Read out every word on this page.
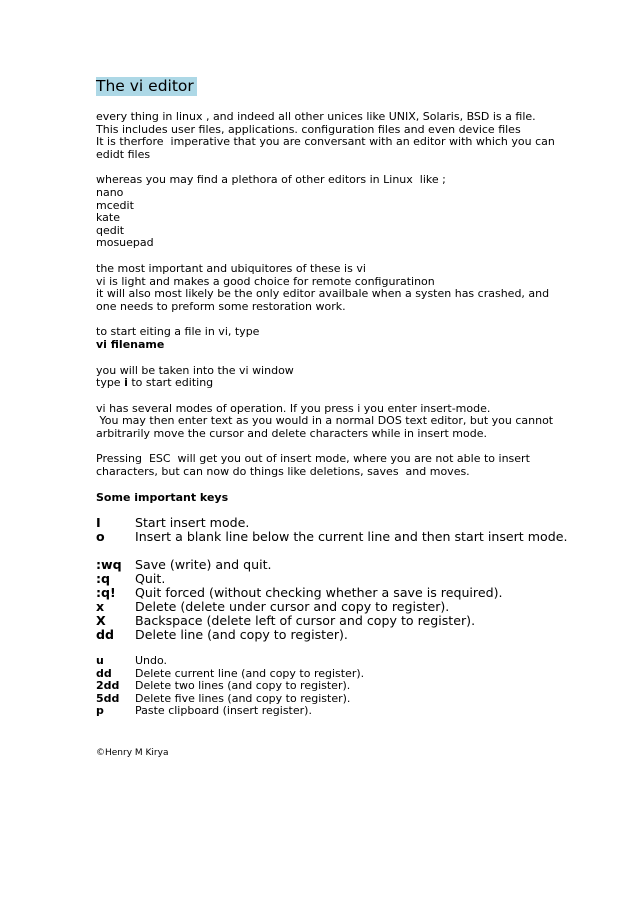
The vi editor
every thing in linux , and indeed all other unices like UNIX, Solaris, BSD is a file.
This includes user files, applications. configuration files and even device files
It is therfore  imperative that you are conversant with an editor with which you can
edidt files
whereas you may find a plethora of other editors in Linux  like ;
nano
mcedit
kate
qedit
mosuepad
the most important and ubiquitores of these is vi
vi is light and makes a good choice for remote configuratinon
it will also most likely be the only editor availbale when a systen has crashed, and
one needs to preform some restoration work.
to start eiting a file in vi, type
vi filename
you will be taken into the vi window
type i to start editing
vi has several modes of operation. If you press i you enter insert-mode.
You may then enter text as you would in a normal DOS text editor, but you cannot
arbitrarily move the cursor and delete characters while in insert mode.
Pressing  ESC  will get you out of insert mode, where you are not able to insert
characters, but can now do things like deletions, saves  and moves.
Some important keys
I	Start insert mode.
o	Insert a blank line below the current line and then start insert mode.
:wq	Save (write) and quit.
:q	Quit.
:q!	Quit forced (without checking whether a save is required).
x	Delete (delete under cursor and copy to register).
X	Backspace (delete left of cursor and copy to register).
dd	Delete line (and copy to register).
u	Undo.
dd	Delete current line (and copy to register).
2dd	Delete two lines (and copy to register).
5dd	Delete five lines (and copy to register).
p	Paste clipboard (insert register).
©Henry M Kirya
